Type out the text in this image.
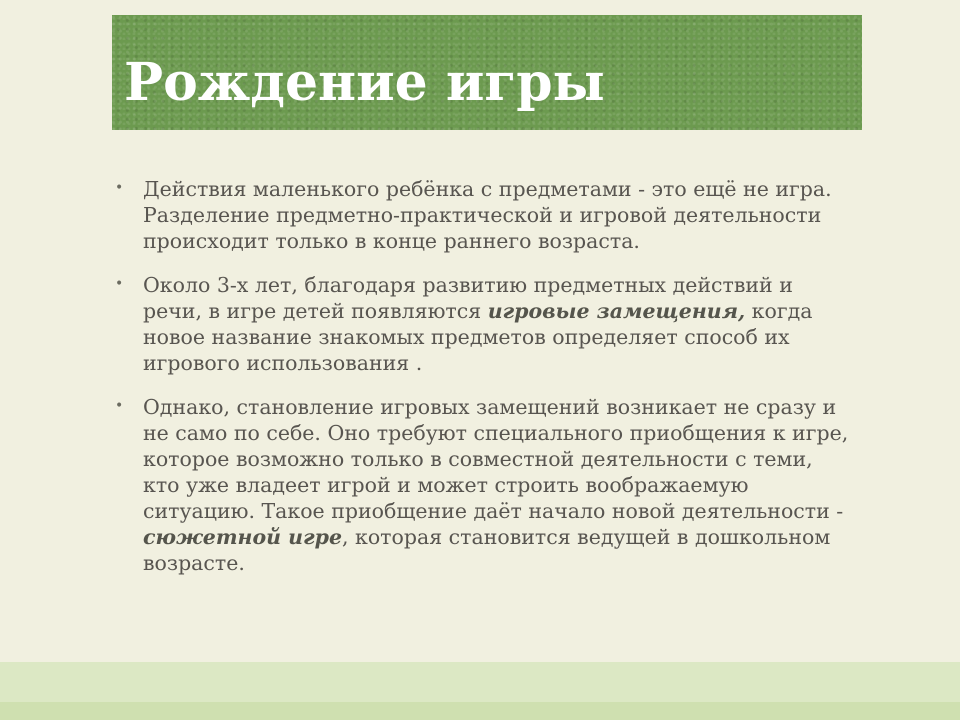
Рождение игры
• Действия маленького ребёнка с предметами - это ещё не игра. Разделение предметно-практической и игровой деятельности происходит только в конце раннего возраста.
• Около 3-х лет, благодаря развитию предметных действий и речи, в игре детей появляются игровые замещения, когда новое название знакомых предметов определяет способ их игрового использования .
• Однако, становление игровых замещений возникает не сразу и не само по себе. Оно требуют специального приобщения к игре, которое возможно только в совместной деятельности с теми, кто уже владеет игрой и может строить воображаемую ситуацию. Такое приобщение даёт начало новой деятельности - сюжетной игре, которая становится ведущей в дошкольном возрасте.
